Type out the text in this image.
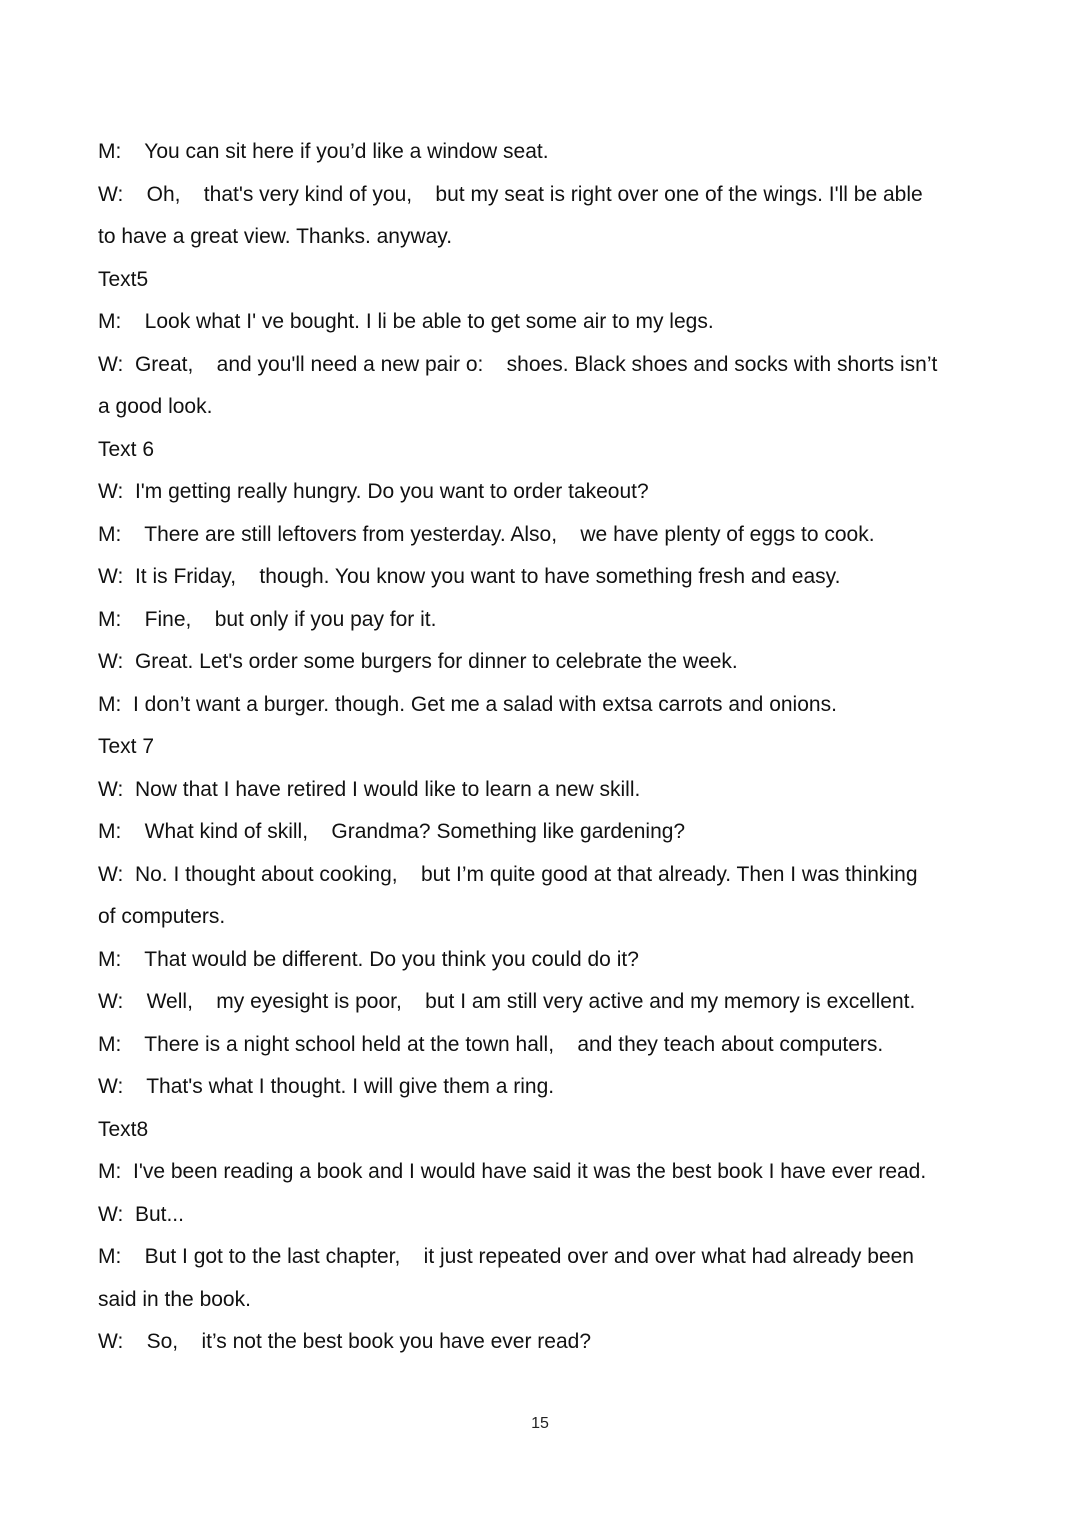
M:    You can sit here if you’d like a window seat.
W:    Oh,    that's very kind of you,    but my seat is right over one of the wings. I'll be able
to have a great view. Thanks. anyway.
Text5
M:    Look what I' ve bought. I li be able to get some air to my legs.
W:  Great,    and you'll need a new pair o:    shoes. Black shoes and socks with shorts isn’t
a good look.
Text 6
W:  I'm getting really hungry. Do you want to order takeout?
M:    There are still leftovers from yesterday. Also,    we have plenty of eggs to cook.
W:  It is Friday,    though. You know you want to have something fresh and easy.
M:    Fine,    but only if you pay for it.
W:  Great. Let's order some burgers for dinner to celebrate the week.
M:  I don’t want a burger. though. Get me a salad with extsa carrots and onions.
Text 7
W:  Now that I have retired I would like to learn a new skill.
M:    What kind of skill,    Grandma? Something like gardening?
W:  No. I thought about cooking,    but I’m quite good at that already. Then I was thinking
of computers.
M:    That would be different. Do you think you could do it?
W:    Well,    my eyesight is poor,    but I am still very active and my memory is excellent.
M:    There is a night school held at the town hall,    and they teach about computers.
W:    That's what I thought. I will give them a ring.
Text8
M:  I've been reading a book and I would have said it was the best book I have ever read.
W:  But...
M:    But I got to the last chapter,    it just repeated over and over what had already been
said in the book.
W:    So,    it’s not the best book you have ever read?
15
